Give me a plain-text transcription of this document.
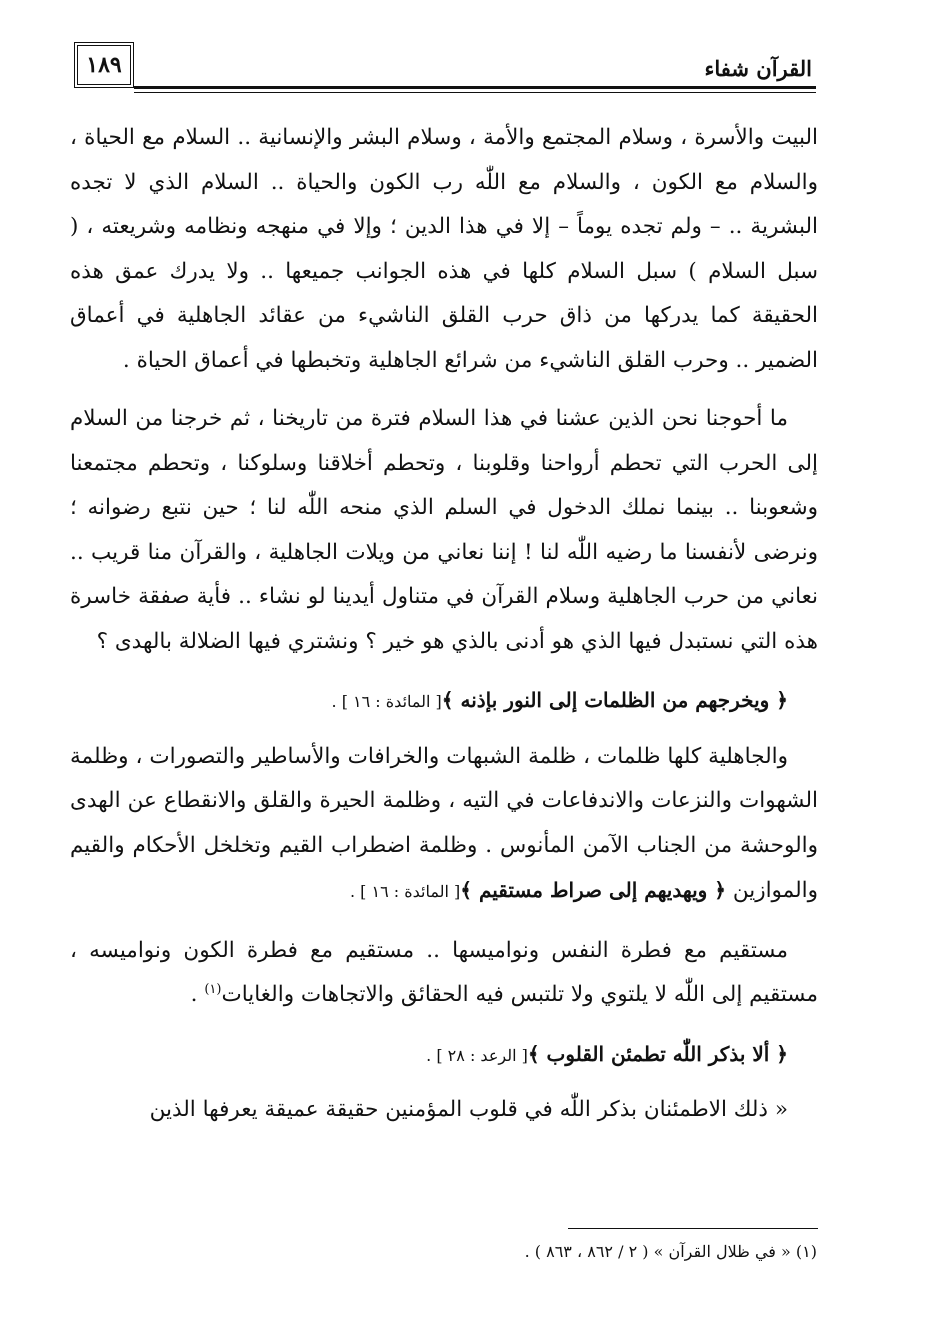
١٨٩	القرآن شفاء

البيت والأسرة ، وسلام المجتمع والأمة ، وسلام البشر والإنسانية .. السلام مع الحياة ، والسلام مع الكون ، والسلام مع اللّٰه رب الكون والحياة .. السلام الذي لا تجده البشرية .. – ولم تجده يوماً – إلا في هذا الدين ؛ وإلا في منهجه ونظامه وشريعته ، ( سبل السلام ) سبل السلام كلها في هذه الجوانب جميعها .. ولا يدرك عمق هذه الحقيقة كما يدركها من ذاق حرب القلق الناشيء من عقائد الجاهلية في أعماق الضمير .. وحرب القلق الناشيء من شرائع الجاهلية وتخبطها في أعماق الحياة .

ما أحوجنا نحن الذين عشنا في هذا السلام فترة من تاريخنا ، ثم خرجنا من السلام إلى الحرب التي تحطم أرواحنا وقلوبنا ، وتحطم أخلاقنا وسلوكنا ، وتحطم مجتمعنا وشعوبنا .. بينما نملك الدخول في السلم الذي منحه اللّٰه لنا ؛ حين نتبع رضوانه ؛ ونرضى لأنفسنا ما رضيه اللّٰه لنا ! إننا نعاني من ويلات الجاهلية ، والقرآن منا قريب .. نعاني من حرب الجاهلية وسلام القرآن في متناول أيدينا لو نشاء .. فأية صفقة خاسرة هذه التي نستبدل فيها الذي هو أدنى بالذي هو خير ؟ ونشتري فيها الضلالة بالهدى ؟

﴿ ويخرجهم من الظلمات إلى النور بإذنه ﴾[ المائدة : ١٦ ] .

والجاهلية كلها ظلمات ، ظلمة الشبهات والخرافات والأساطير والتصورات ، وظلمة الشهوات والنزعات والاندفاعات في التيه ، وظلمة الحيرة والقلق والانقطاع عن الهدى والوحشة من الجناب الآمن المأنوس . وظلمة اضطراب القيم وتخلخل الأحكام والقيم والموازين ﴿ ويهديهم إلى صراط مستقيم ﴾[ المائدة : ١٦ ] .

مستقيم مع فطرة النفس ونواميسها .. مستقيم مع فطرة الكون ونواميسه ، مستقيم إلى اللّٰه لا يلتوي ولا تلتبس فيه الحقائق والاتجاهات والغايات$^{(١)}$ .

﴿ ألا بذكر اللّٰه تطمئن القلوب ﴾[ الرعد : ٢٨ ] .

« ذلك الاطمئنان بذكر اللّٰه في قلوب المؤمنين حقيقة عميقة يعرفها الذين

(١) « في ظلال القرآن » ( ٢ / ٨٦٢ ، ٨٦٣ ) .
